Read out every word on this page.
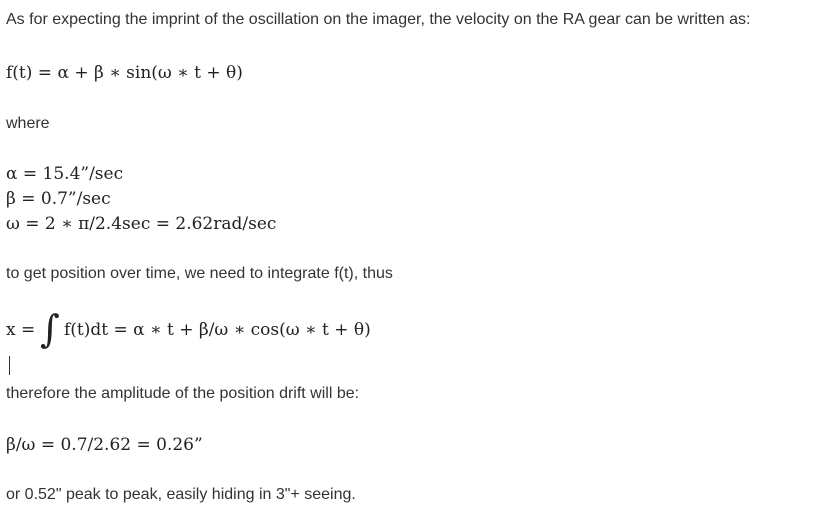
As for expecting the imprint of the oscillation on the imager, the velocity on the RA gear can be written as:
f(t) = α + β ∗ sin(ω ∗ t + θ)
where
α = 15.4”/sec
β = 0.7”/sec
ω = 2 ∗ π/2.4sec = 2.62rad/sec
to get position over time, we need to integrate f(t), thus
x = ∫ f(t)dt = α ∗ t + β/ω ∗ cos(ω ∗ t + θ)
therefore the amplitude of the position drift will be:
β/ω = 0.7/2.62 = 0.26”
or 0.52" peak to peak, easily hiding in 3"+ seeing.
